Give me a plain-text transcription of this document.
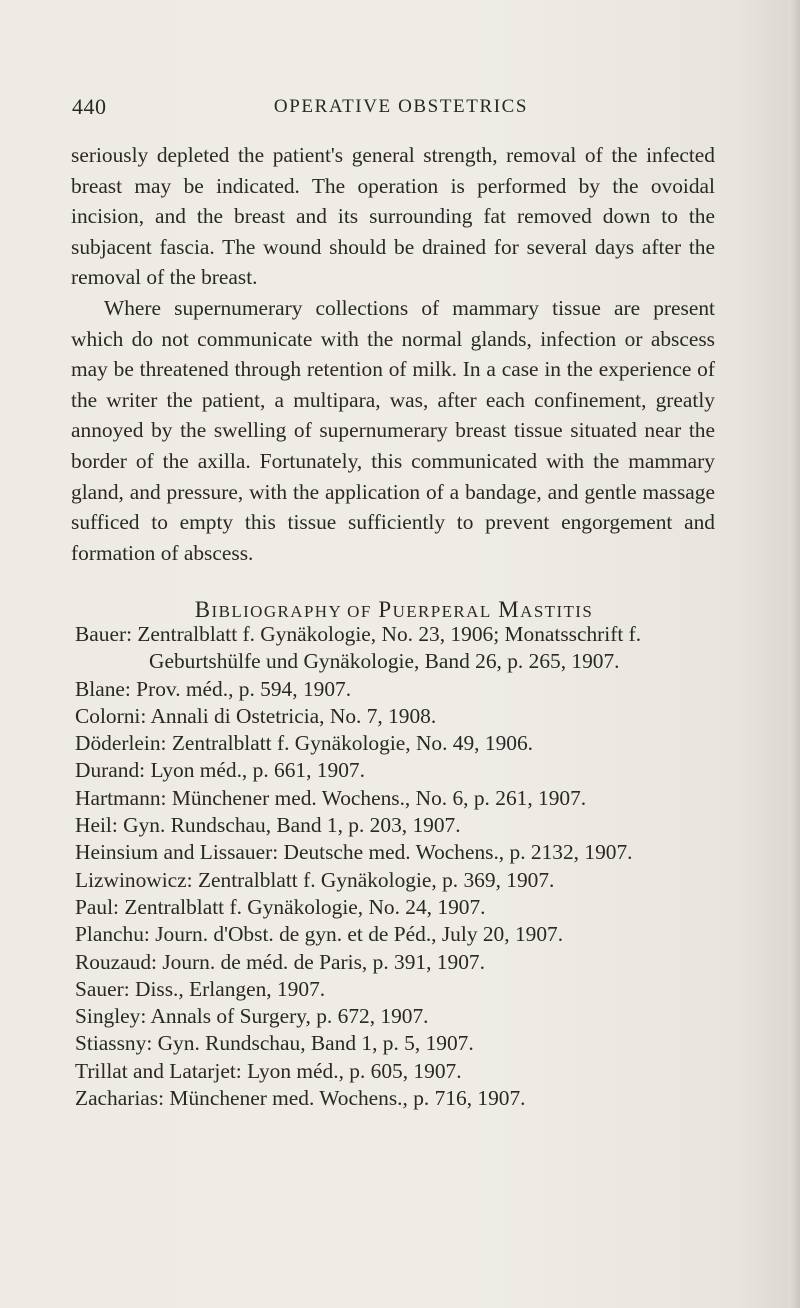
440	OPERATIVE OBSTETRICS

seriously depleted the patient's general strength, removal of the infected breast may be indicated. The operation is performed by the ovoidal incision, and the breast and its surrounding fat removed down to the subjacent fascia. The wound should be drained for several days after the removal of the breast.

Where supernumerary collections of mammary tissue are present which do not communicate with the normal glands, infection or abscess may be threatened through retention of milk. In a case in the experience of the writer the patient, a multipara, was, after each confinement, greatly annoyed by the swelling of supernumerary breast tissue situated near the border of the axilla. Fortunately, this communicated with the mammary gland, and pressure, with the application of a bandage, and gentle massage sufficed to empty this tissue sufficiently to prevent engorgement and formation of abscess.

BIBLIOGRAPHY OF PUERPERAL MASTITIS
Bauer: Zentralblatt f. Gynäkologie, No. 23, 1906; Monatsschrift f.
Geburtshülfe und Gynäkologie, Band 26, p. 265, 1907.
Blane: Prov. méd., p. 594, 1907.
Colorni: Annali di Ostetricia, No. 7, 1908.
Döderlein: Zentralblatt f. Gynäkologie, No. 49, 1906.
Durand: Lyon méd., p. 661, 1907.
Hartmann: Münchener med. Wochens., No. 6, p. 261, 1907.
Heil: Gyn. Rundschau, Band 1, p. 203, 1907.
Heinsium and Lissauer: Deutsche med. Wochens., p. 2132, 1907.
Lizwinowicz: Zentralblatt f. Gynäkologie, p. 369, 1907.
Paul: Zentralblatt f. Gynäkologie, No. 24, 1907.
Planchu: Journ. d'Obst. de gyn. et de Péd., July 20, 1907.
Rouzaud: Journ. de méd. de Paris, p. 391, 1907.
Sauer: Diss., Erlangen, 1907.
Singley: Annals of Surgery, p. 672, 1907.
Stiassny: Gyn. Rundschau, Band 1, p. 5, 1907.
Trillat and Latarjet: Lyon méd., p. 605, 1907.
Zacharias: Münchener med. Wochens., p. 716, 1907.
